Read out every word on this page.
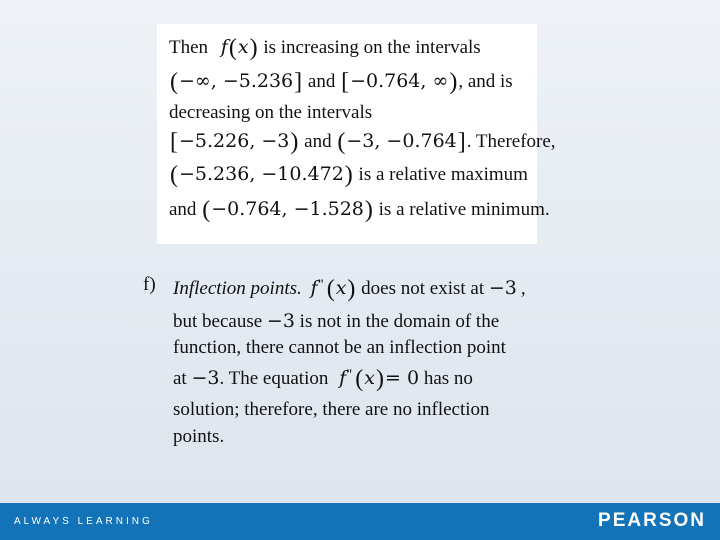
Then f(x) is increasing on the intervals
(−∞, −5.236] and [−0.764, ∞), and is
decreasing on the intervals
[−5.226, −3) and (−3, −0.764]. Therefore,
(−5.236, −10.472) is a relative maximum
and (−0.764, −1.528) is a relative minimum.
f) Inflection points. f" (x) does not exist at −3 ,
but because −3 is not in the domain of the
function, there cannot be an inflection point
at −3. The equation f" (x)= 0 has no
solution; therefore, there are no inflection
points.
ALWAYS LEARNING	PEARSON
